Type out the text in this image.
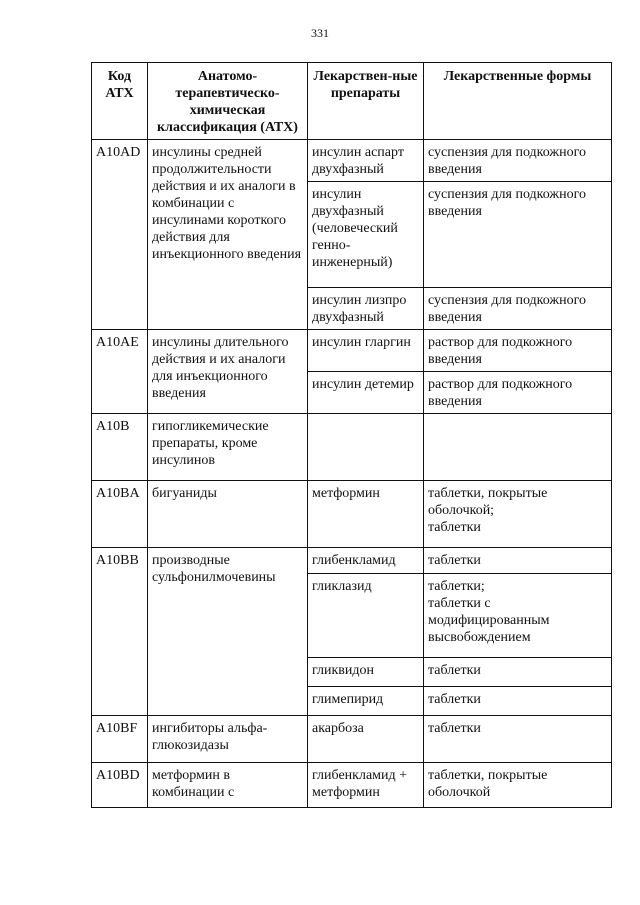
331
Код АТХ	Анатомо-терапевтическо-химическая классификация (АТХ)	Лекарствен-ные препараты	Лекарственные формы
A10AD	инсулины средней продолжительности действия и их аналоги в комбинации с инсулинами короткого действия для инъекционного введения	инсулин аспарт двухфазный	суспензия для подкожного введения
		инсулин двухфазный (человеческий генно-инженерный)	суспензия для подкожного введения
		инсулин лизпро двухфазный	суспензия для подкожного введения
A10AE	инсулины длительного действия и их аналоги для инъекционного введения	инсулин гларгин	раствор для подкожного введения
		инсулин детемир	раствор для подкожного введения
A10B	гипогликемические препараты, кроме инсулинов		
A10BA	бигуаниды	метформин	таблетки, покрытые оболочкой;
таблетки
A10BB	производные сульфонилмочевины	глибенкламид	таблетки
		гликлазид	таблетки;
таблетки с модифицированным высвобождением
		гликвидон	таблетки
		глимепирид	таблетки
A10BF	ингибиторы альфа-глюкозидазы	акарбоза	таблетки
A10BD	метформин в комбинации с	глибенкламид + метформин	таблетки, покрытые оболочкой
